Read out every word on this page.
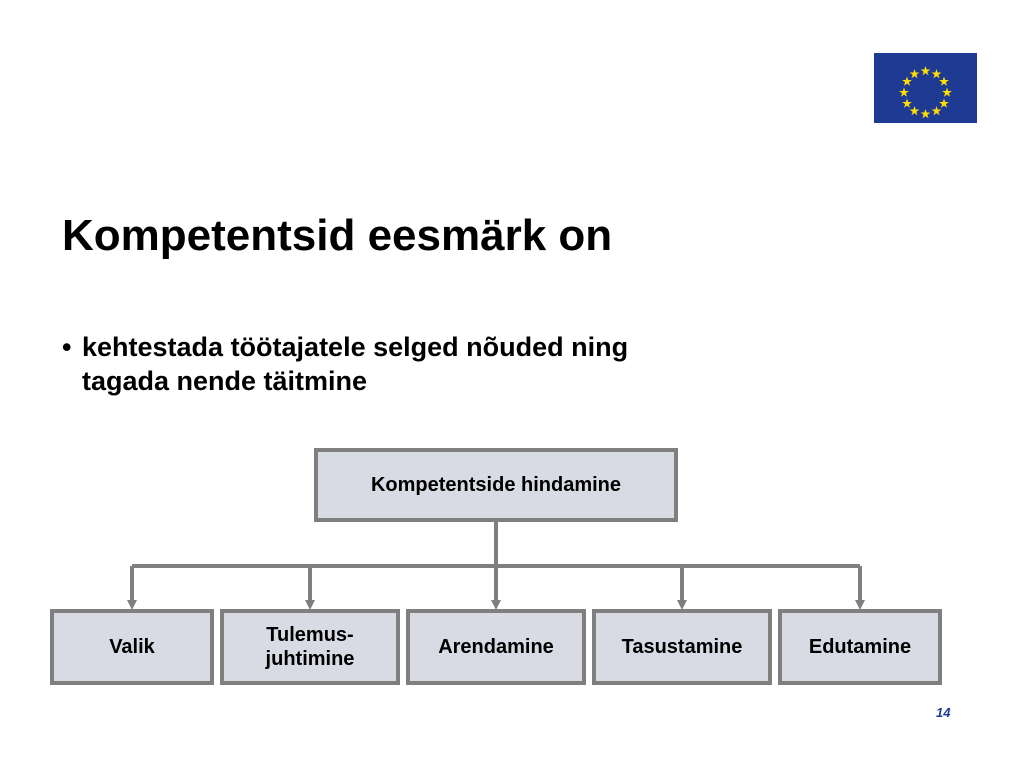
Kompetentsid eesmärk on
• kehtestada töötajatele selged nõuded ning tagada nende täitmine
Kompetentside hindamine
Valik
Tulemus-
juhtimine
Arendamine	Tasustamine	Edutamine
14
